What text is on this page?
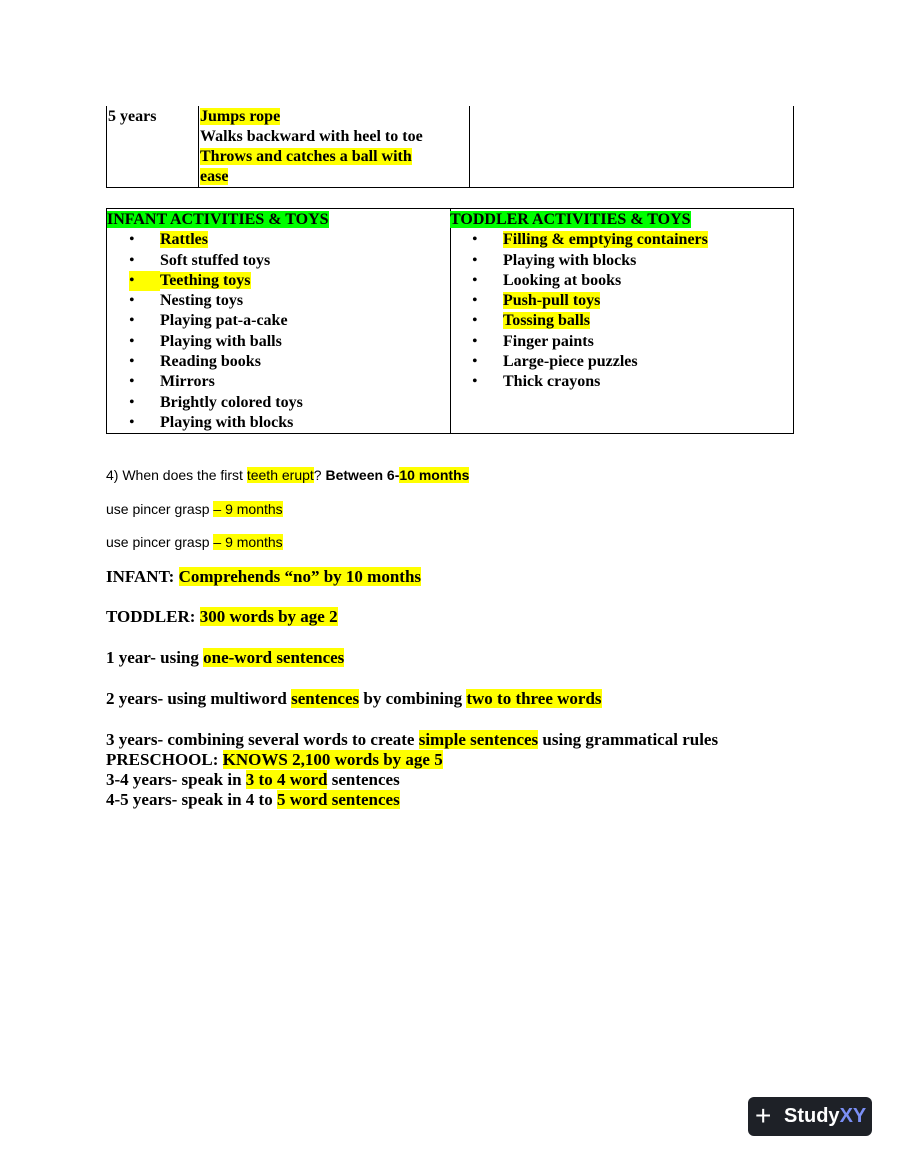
5 years	Jumps rope
Walks backward with heel to toe
Throws and catches a ball with
ease
INFANT ACTIVITIES & TOYS
• Rattles
• Soft stuffed toys
•	Teething toys
• Nesting toys
• Playing pat-a-cake
• Playing with balls
• Reading books
• Mirrors
• Brightly colored toys
• Playing with blocks
TODDLER ACTIVITIES & TOYS
• Filling & emptying containers
• Playing with blocks
• Looking at books
• Push-pull toys
• Tossing balls
• Finger paints
• Large-piece puzzles
• Thick crayons
4) When does the first teeth erupt? Between 6-10 months
use pincer grasp – 9 months
use pincer grasp – 9 months
INFANT: Comprehends “no” by 10 months
TODDLER: 300 words by age 2
1 year- using one-word sentences
2 years- using multiword sentences by combining two to three words
3 years- combining several words to create simple sentences using grammatical rules
PRESCHOOL: KNOWS 2,100 words by age 5
3-4 years- speak in 3 to 4 word sentences
4-5 years- speak in 4 to 5 word sentences
+ StudyXY
